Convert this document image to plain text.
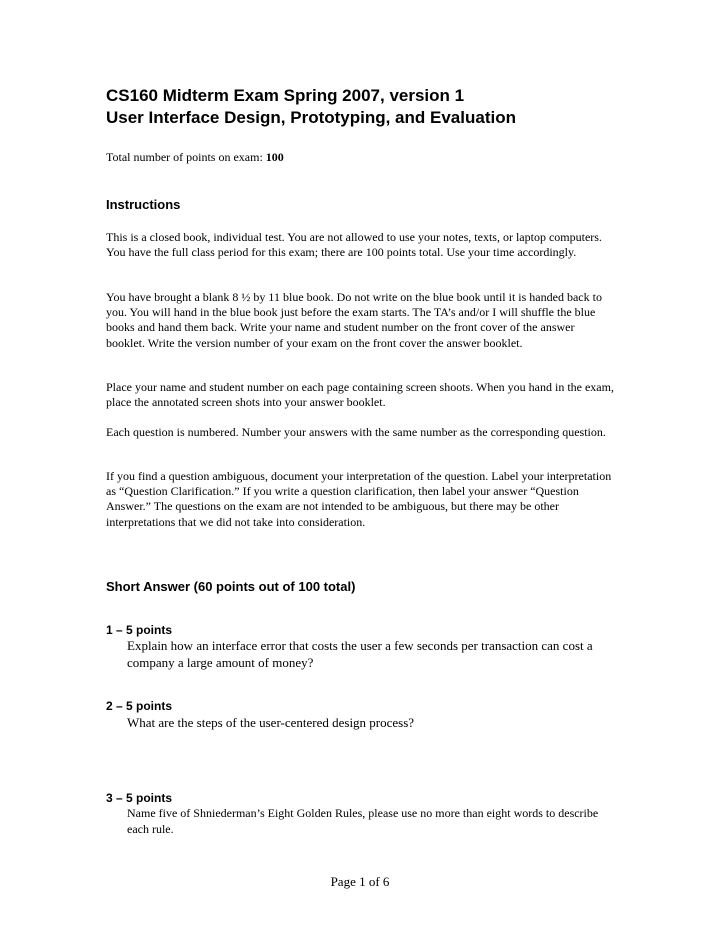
CS160 Midterm Exam Spring 2007, version 1
User Interface Design, Prototyping, and Evaluation
Total number of points on exam: 100
Instructions
This is a closed book, individual test. You are not allowed to use your notes, texts, or laptop computers. You have the full class period for this exam; there are 100 points total. Use your time accordingly.
You have brought a blank 8 ½ by 11 blue book. Do not write on the blue book until it is handed back to you. You will hand in the blue book just before the exam starts. The TA’s and/or I will shuffle the blue books and hand them back. Write your name and student number on the front cover of the answer booklet. Write the version number of your exam on the front cover the answer booklet.
Place your name and student number on each page containing screen shoots. When you hand in the exam, place the annotated screen shots into your answer booklet.
Each question is numbered. Number your answers with the same number as the corresponding question.
If you find a question ambiguous, document your interpretation of the question. Label your interpretation as “Question Clarification.” If you write a question clarification, then label your answer “Question Answer.” The questions on the exam are not intended to be ambiguous, but there may be other interpretations that we did not take into consideration.
Short Answer (60 points out of 100 total)
1 – 5 points
Explain how an interface error that costs the user a few seconds per transaction can cost a company a large amount of money?
2 – 5 points
What are the steps of the user-centered design process?
3 – 5 points
Name five of Shniederman’s Eight Golden Rules, please use no more than eight words to describe each rule.
Page 1 of 6
